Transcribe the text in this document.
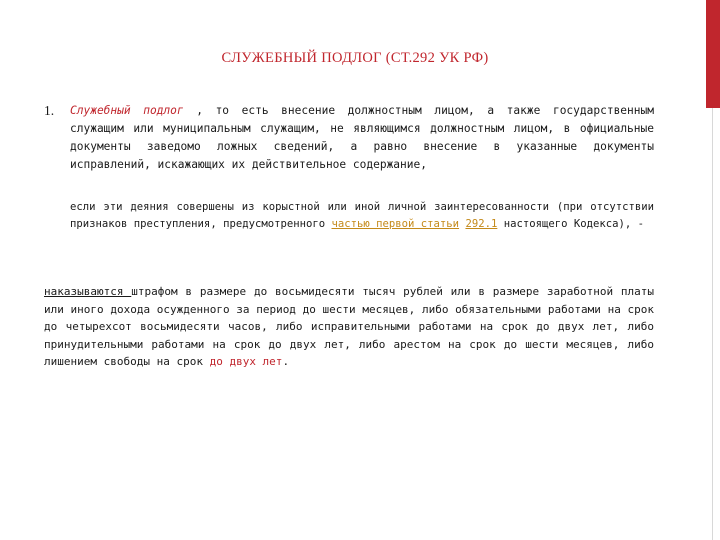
СЛУЖЕБНЫЙ ПОДЛОГ (СТ.292 УК РФ)
1. Служебный подлог , то есть внесение должностным лицом, а также государственным служащим или муниципальным служащим, не являющимся должностным лицом, в официальные документы заведомо ложных сведений, а равно внесение в указанные документы исправлений, искажающих их действительное содержание,
если эти деяния совершены из корыстной или иной личной заинтересованности (при отсутствии признаков преступления, предусмотренного частью первой статьи 292.1 настоящего Кодекса), -
наказываются штрафом в размере до восьмидесяти тысяч рублей или в размере заработной платы или иного дохода осужденного за период до шести месяцев, либо обязательными работами на срок до четырехсот восьмидесяти часов, либо исправительными работами на срок до двух лет, либо принудительными работами на срок до двух лет, либо арестом на срок до шести месяцев, либо лишением свободы на срок до двух лет.
